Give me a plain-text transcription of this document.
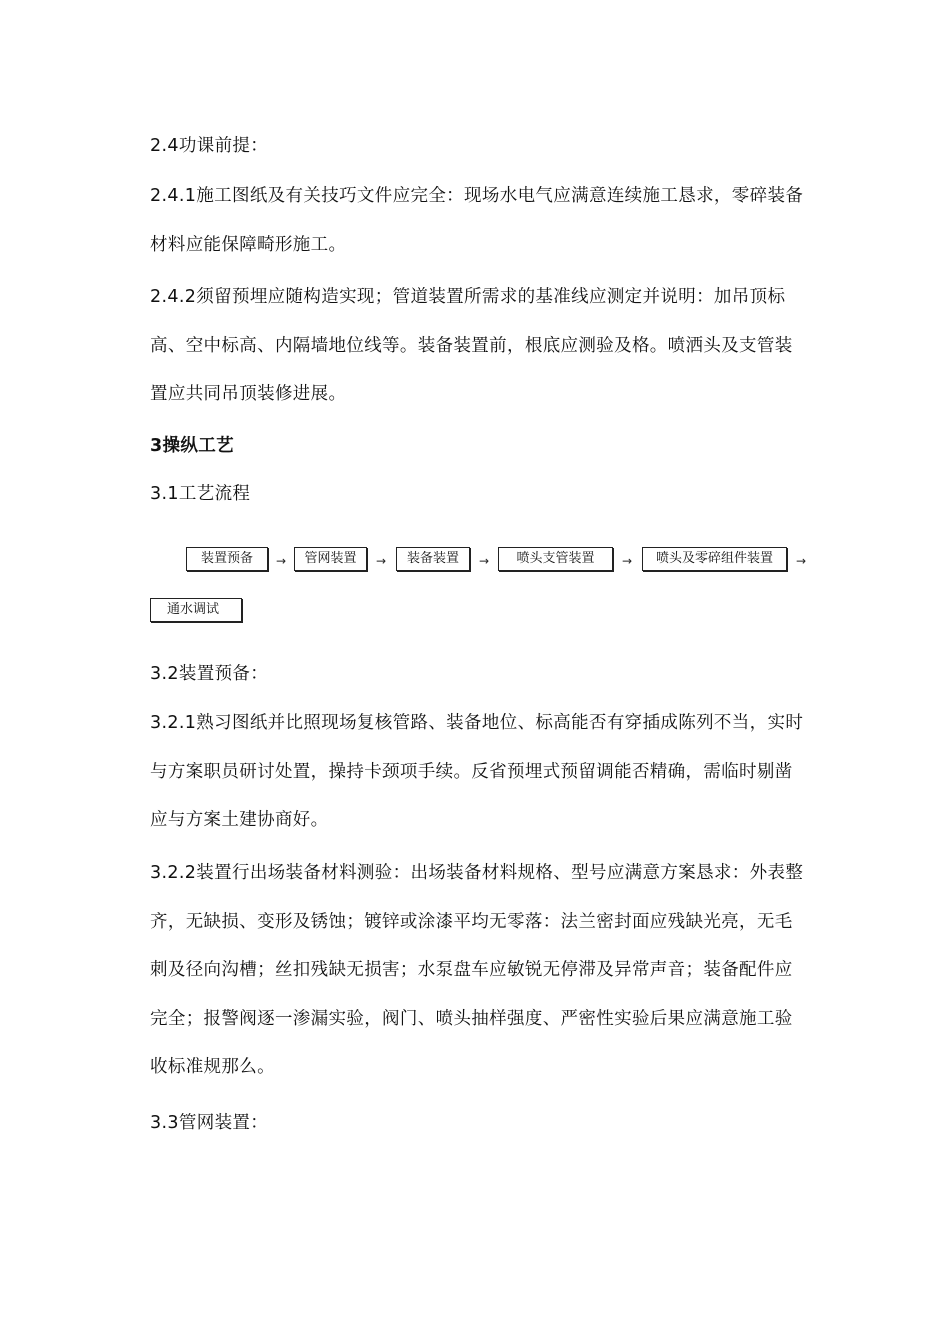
2.4功课前提：

2.4.1施工图纸及有关技巧文件应完全：现场水电气应满意连续施工恳求，零碎装备材料应能保障畸形施工。

2.4.2须留预埋应随构造实现；管道装置所需求的基准线应测定并说明：加吊顶标高、空中标高、内隔墙地位线等。装备装置前，根底应测验及格。喷洒头及支管装置应共同吊顶装修进展。

3操纵工艺

3.1工艺流程

装置预备	→	管网装置	→	装备装置	→	喷头支管装置	→	喷头及零碎组件装置	→
通水调试

3.2装置预备：

3.2.1熟习图纸并比照现场复核管路、装备地位、标高能否有穿插成陈列不当，实时与方案职员研讨处置，操持卡颈项手续。反省预埋式预留调能否精确，需临时剔凿应与方案土建协商好。

3.2.2装置行出场装备材料测验：出场装备材料规格、型号应满意方案恳求：外表整齐，无缺损、变形及锈蚀；镀锌或涂漆平均无零落：法兰密封面应残缺光亮，无毛刺及径向沟槽；丝扣残缺无损害；水泵盘车应敏锐无停滞及异常声音；装备配件应完全；报警阀逐一渗漏实验，阀门、喷头抽样强度、严密性实验后果应满意施工验收标准规那么。

3.3管网装置：
